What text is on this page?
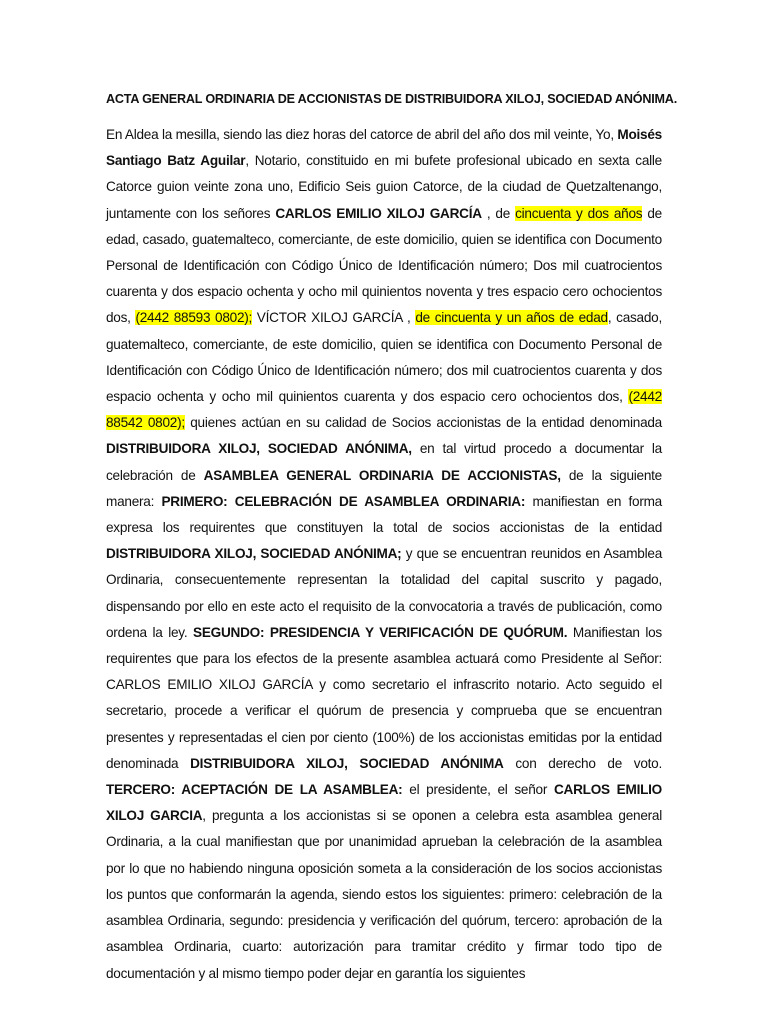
ACTA GENERAL ORDINARIA DE ACCIONISTAS DE DISTRIBUIDORA XILOJ, SOCIEDAD ANÓNIMA.

En Aldea la mesilla, siendo las diez horas del catorce de abril del año dos mil veinte, Yo, Moisés Santiago Batz Aguilar, Notario, constituido en mi bufete profesional ubicado en sexta calle Catorce guion veinte zona uno, Edificio Seis guion Catorce, de la ciudad de Quetzaltenango, juntamente con los señores CARLOS EMILIO XILOJ GARCÍA , de cincuenta y dos años de edad, casado, guatemalteco, comerciante, de este domicilio, quien se identifica con Documento Personal de Identificación con Código Único de Identificación número; Dos mil cuatrocientos cuarenta y dos espacio ochenta y ocho mil quinientos noventa y tres espacio cero ochocientos dos, (2442 88593 0802); VÍCTOR XILOJ GARCÍA , de cincuenta y un años de edad, casado, guatemalteco, comerciante, de este domicilio, quien se identifica con Documento Personal de Identificación con Código Único de Identificación número; dos mil cuatrocientos cuarenta y dos espacio ochenta y ocho mil quinientos cuarenta y dos espacio cero ochocientos dos, (2442 88542 0802); quienes actúan en su calidad de Socios accionistas de la entidad denominada DISTRIBUIDORA XILOJ, SOCIEDAD ANÓNIMA, en tal virtud procedo a documentar la celebración de ASAMBLEA GENERAL ORDINARIA DE ACCIONISTAS, de la siguiente manera: PRIMERO: CELEBRACIÓN DE ASAMBLEA ORDINARIA: manifiestan en forma expresa los requirentes que constituyen la total de socios accionistas de la entidad DISTRIBUIDORA XILOJ, SOCIEDAD ANÓNIMA; y que se encuentran reunidos en Asamblea Ordinaria, consecuentemente representan la totalidad del capital suscrito y pagado, dispensando por ello en este acto el requisito de la convocatoria a través de publicación, como ordena la ley. SEGUNDO: PRESIDENCIA Y VERIFICACIÓN DE QUÓRUM. Manifiestan los requirentes que para los efectos de la presente asamblea actuará como Presidente al Señor: CARLOS EMILIO XILOJ GARCÍA y como secretario el infrascrito notario. Acto seguido el secretario, procede a verificar el quórum de presencia y comprueba que se encuentran presentes y representadas el cien por ciento (100%) de los accionistas emitidas por la entidad denominada DISTRIBUIDORA XILOJ, SOCIEDAD ANÓNIMA con derecho de voto. TERCERO: ACEPTACIÓN DE LA ASAMBLEA: el presidente, el señor CARLOS EMILIO XILOJ GARCIA, pregunta a los accionistas si se oponen a celebra esta asamblea general Ordinaria, a la cual manifiestan que por unanimidad aprueban la celebración de la asamblea por lo que no habiendo ninguna oposición someta a la consideración de los socios accionistas los puntos que conformarán la agenda, siendo estos los siguientes: primero: celebración de la asamblea Ordinaria, segundo: presidencia y verificación del quórum, tercero: aprobación de la asamblea Ordinaria, cuarto: autorización para tramitar crédito y firmar todo tipo de documentación y al mismo tiempo poder dejar en garantía los siguientes
